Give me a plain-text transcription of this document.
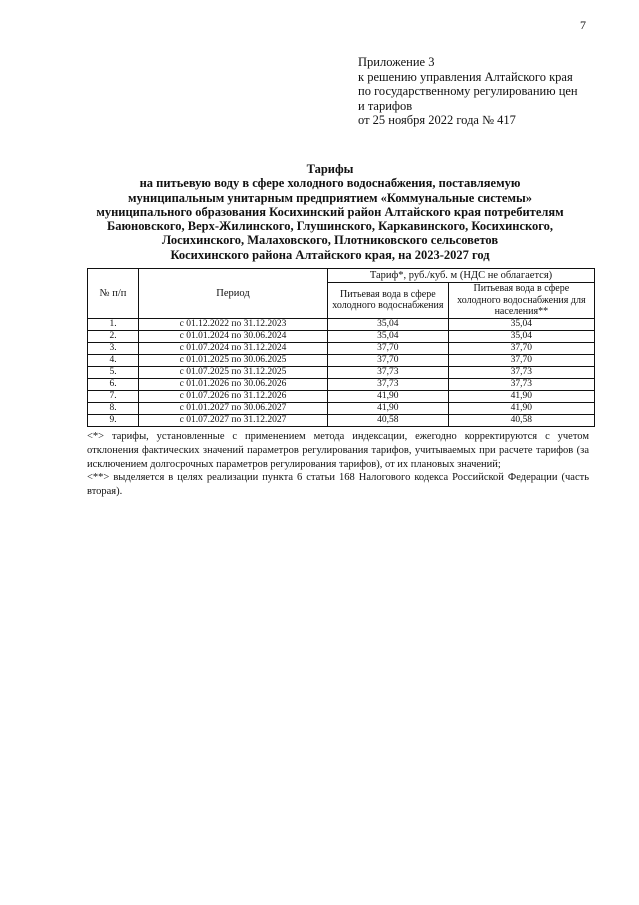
7
Приложение 3
к решению управления Алтайского края
по государственному регулированию цен
и тарифов
от 25 ноября 2022 года № 417
Тарифы
на питьевую воду в сфере холодного водоснабжения, поставляемую
муниципальным унитарным предприятием «Коммунальные системы»
муниципального образования Косихинский район Алтайского края потребителям
Баюновского, Верх-Жилинского, Глушинского, Каркавинского, Косихинского,
Лосихинского, Малаховского, Плотниковского сельсоветов
Косихинского района Алтайского края, на 2023-2027 год
№ п/п	Период	Тариф*, руб./куб. м (НДС не облагается)	
		Питьевая вода в сфере холодного водоснабжения	Питьевая вода в сфере холодного водоснабжения для населения**
1.	с 01.12.2022 по 31.12.2023	35,04	35,04
2.	с 01.01.2024 по 30.06.2024	35,04	35,04
3.	с 01.07.2024 по 31.12.2024	37,70	37,70
4.	с 01.01.2025 по 30.06.2025	37,70	37,70
5.	с 01.07.2025 по 31.12.2025	37,73	37,73
6.	с 01.01.2026 по 30.06.2026	37,73	37,73
7.	с 01.07.2026 по 31.12.2026	41,90	41,90
8.	с 01.01.2027 по 30.06.2027	41,90	41,90
9.	с 01.07.2027 по 31.12.2027	40,58	40,58

<*> тарифы, установленные с применением метода индексации, ежегодно корректируются с учетом отклонения фактических значений параметров регулирования тарифов, учитываемых при расчете тарифов (за исключением долгосрочных параметров регулирования тарифов), от их плановых значений;

<**> выделяется в целях реализации пункта 6 статьи 168 Налогового кодекса Российской Федерации (часть вторая).
